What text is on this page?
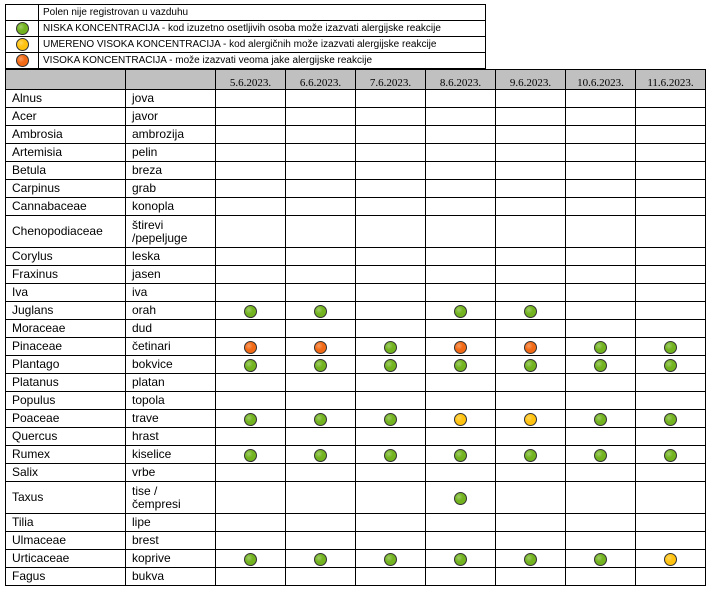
	Polen nije registrovan u vazduhu
	NISKA KONCENTRACIJA - kod izuzetno osetljivih osoba može izazvati alergijske reakcije
	UMERENO VISOKA KONCENTRACIJA - kod alergičnih može izazvati alergijske reakcije
	VISOKA KONCENTRACIJA - može izazvati veoma jake alergijske reakcije
		5.6.2023.	6.6.2023.	7.6.2023.	8.6.2023.	9.6.2023.	10.6.2023.	11.6.2023.
Alnus	jova							
Acer	javor							
Ambrosia	ambrozija							
Artemisia	pelin							
Betula	breza							
Carpinus	grab							
Cannabaceae	konopla							
Chenopodiaceae	štirevi
/pepeljuge							
Corylus	leska							
Fraxinus	jasen							
Iva	iva							
Juglans	orah							
Moraceae	dud							
Pinaceae	četinari							
Plantago	bokvice							
Platanus	platan							
Populus	topola							
Poaceae	trave							
Quercus	hrast							
Rumex	kiselice							
Salix	vrbe							
Taxus	tise /
čempresi							
Tilia	lipe							
Ulmaceae	brest							
Urticaceae	koprive							
Fagus	bukva							
